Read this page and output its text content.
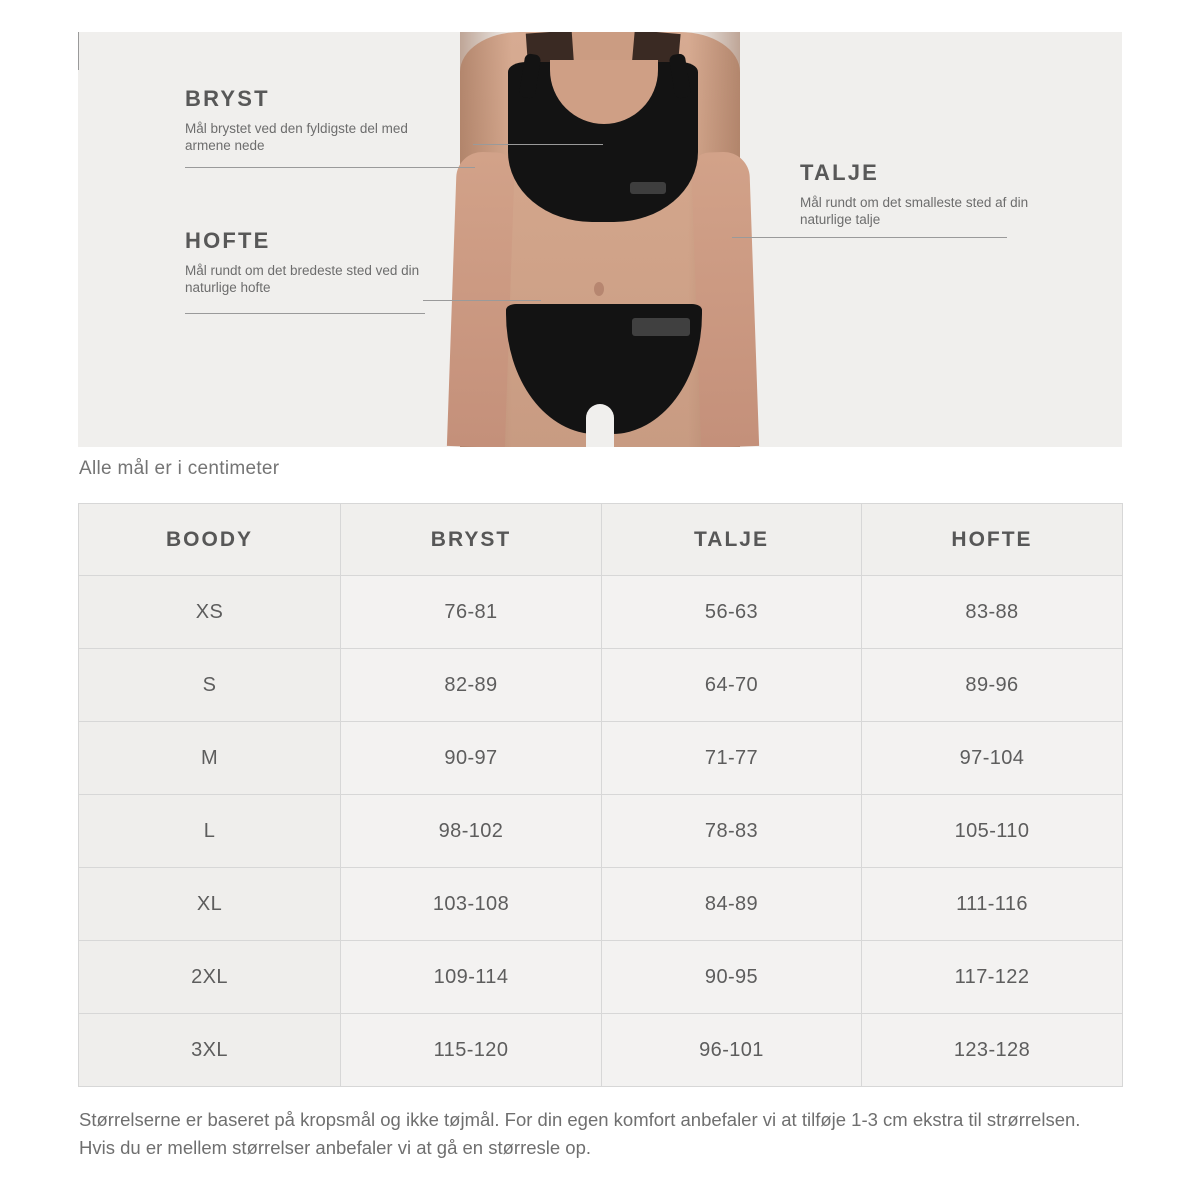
BRYST

Mål brystet ved den fyldigste del med armene nede

HOFTE

Mål rundt om det bredeste sted ved din naturlige hofte

TALJE

Mål rundt om det smalleste sted af din naturlige talje

Alle mål er i centimeter
BOODY	BRYST	TALJE	HOFTE
XS	76-81	56-63	83-88
S	82-89	64-70	89-96
M	90-97	71-77	97-104
L	98-102	78-83	105-110
XL	103-108	84-89	111-116
2XL	109-114	90-95	117-122
3XL	115-120	96-101	123-128
Størrelserne er baseret på kropsmål og ikke tøjmål. For din egen komfort anbefaler vi at tilføje 1-3 cm ekstra til strørrelsen. Hvis du er mellem størrelser anbefaler vi at gå en størresle op.
